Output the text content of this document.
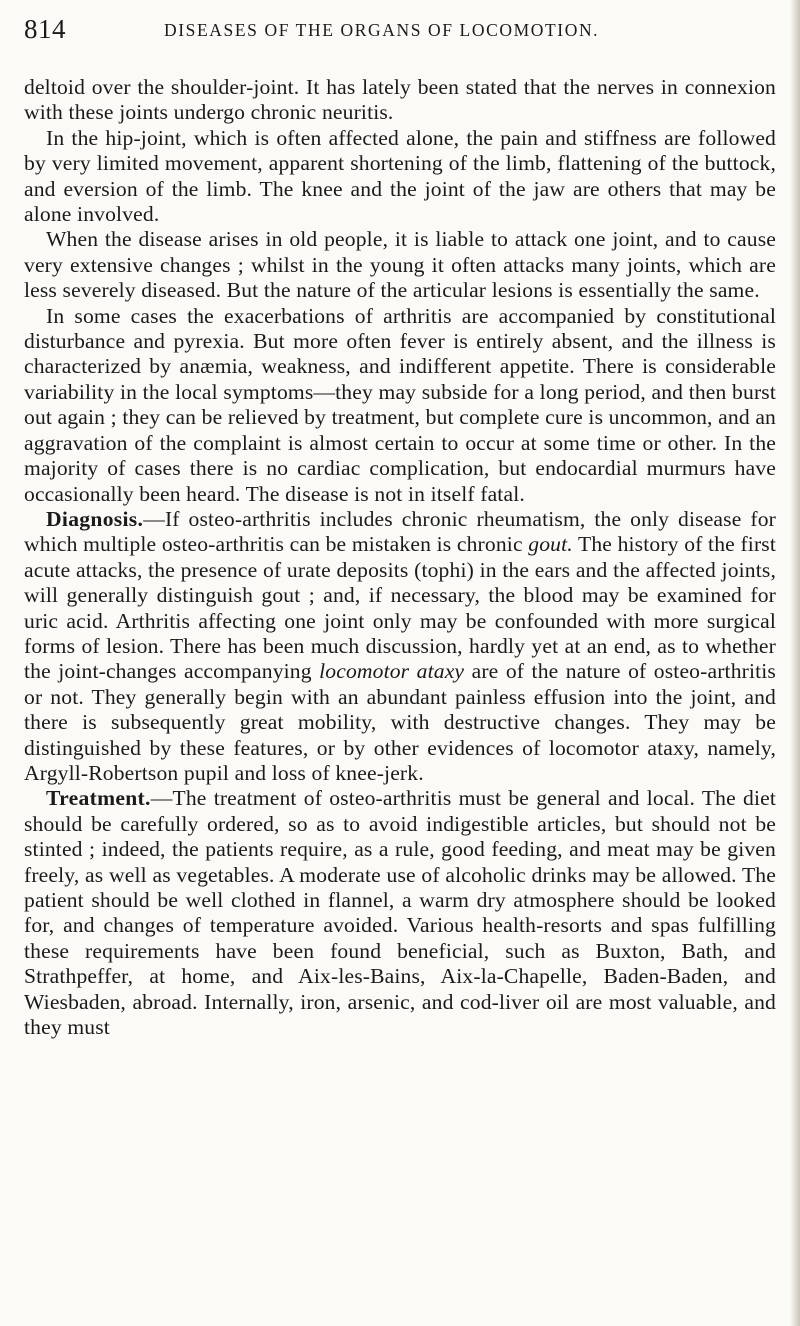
814	DISEASES OF THE ORGANS OF LOCOMOTION.

deltoid over the shoulder-joint. It has lately been stated that the nerves in connexion with these joints undergo chronic neuritis.

In the hip-joint, which is often affected alone, the pain and stiffness are followed by very limited movement, apparent shortening of the limb, flattening of the buttock, and eversion of the limb. The knee and the joint of the jaw are others that may be alone involved.

When the disease arises in old people, it is liable to attack one joint, and to cause very extensive changes ; whilst in the young it often attacks many joints, which are less severely diseased. But the nature of the articular lesions is essentially the same.

In some cases the exacerbations of arthritis are accompanied by constitutional disturbance and pyrexia. But more often fever is entirely absent, and the illness is characterized by anæmia, weakness, and indifferent appetite. There is considerable variability in the local symptoms—they may subside for a long period, and then burst out again ; they can be relieved by treatment, but complete cure is uncommon, and an aggravation of the complaint is almost certain to occur at some time or other. In the majority of cases there is no cardiac complication, but endocardial murmurs have occasionally been heard. The disease is not in itself fatal.

Diagnosis.—If osteo-arthritis includes chronic rheumatism, the only disease for which multiple osteo-arthritis can be mistaken is chronic gout. The history of the first acute attacks, the presence of urate deposits (tophi) in the ears and the affected joints, will generally distinguish gout ; and, if necessary, the blood may be examined for uric acid. Arthritis affecting one joint only may be confounded with more surgical forms of lesion. There has been much discussion, hardly yet at an end, as to whether the joint-changes accompanying locomotor ataxy are of the nature of osteo-arthritis or not. They generally begin with an abundant painless effusion into the joint, and there is subsequently great mobility, with destructive changes. They may be distinguished by these features, or by other evidences of locomotor ataxy, namely, Argyll-Robertson pupil and loss of knee-jerk.

Treatment.—The treatment of osteo-arthritis must be general and local. The diet should be carefully ordered, so as to avoid indigestible articles, but should not be stinted ; indeed, the patients require, as a rule, good feeding, and meat may be given freely, as well as vegetables. A moderate use of alcoholic drinks may be allowed. The patient should be well clothed in flannel, a warm dry atmosphere should be looked for, and changes of temperature avoided. Various health-resorts and spas fulfilling these requirements have been found beneficial, such as Buxton, Bath, and Strathpeffer, at home, and Aix-les-Bains, Aix-la-Chapelle, Baden-Baden, and Wiesbaden, abroad. Internally, iron, arsenic, and cod-liver oil are most valuable, and they must
